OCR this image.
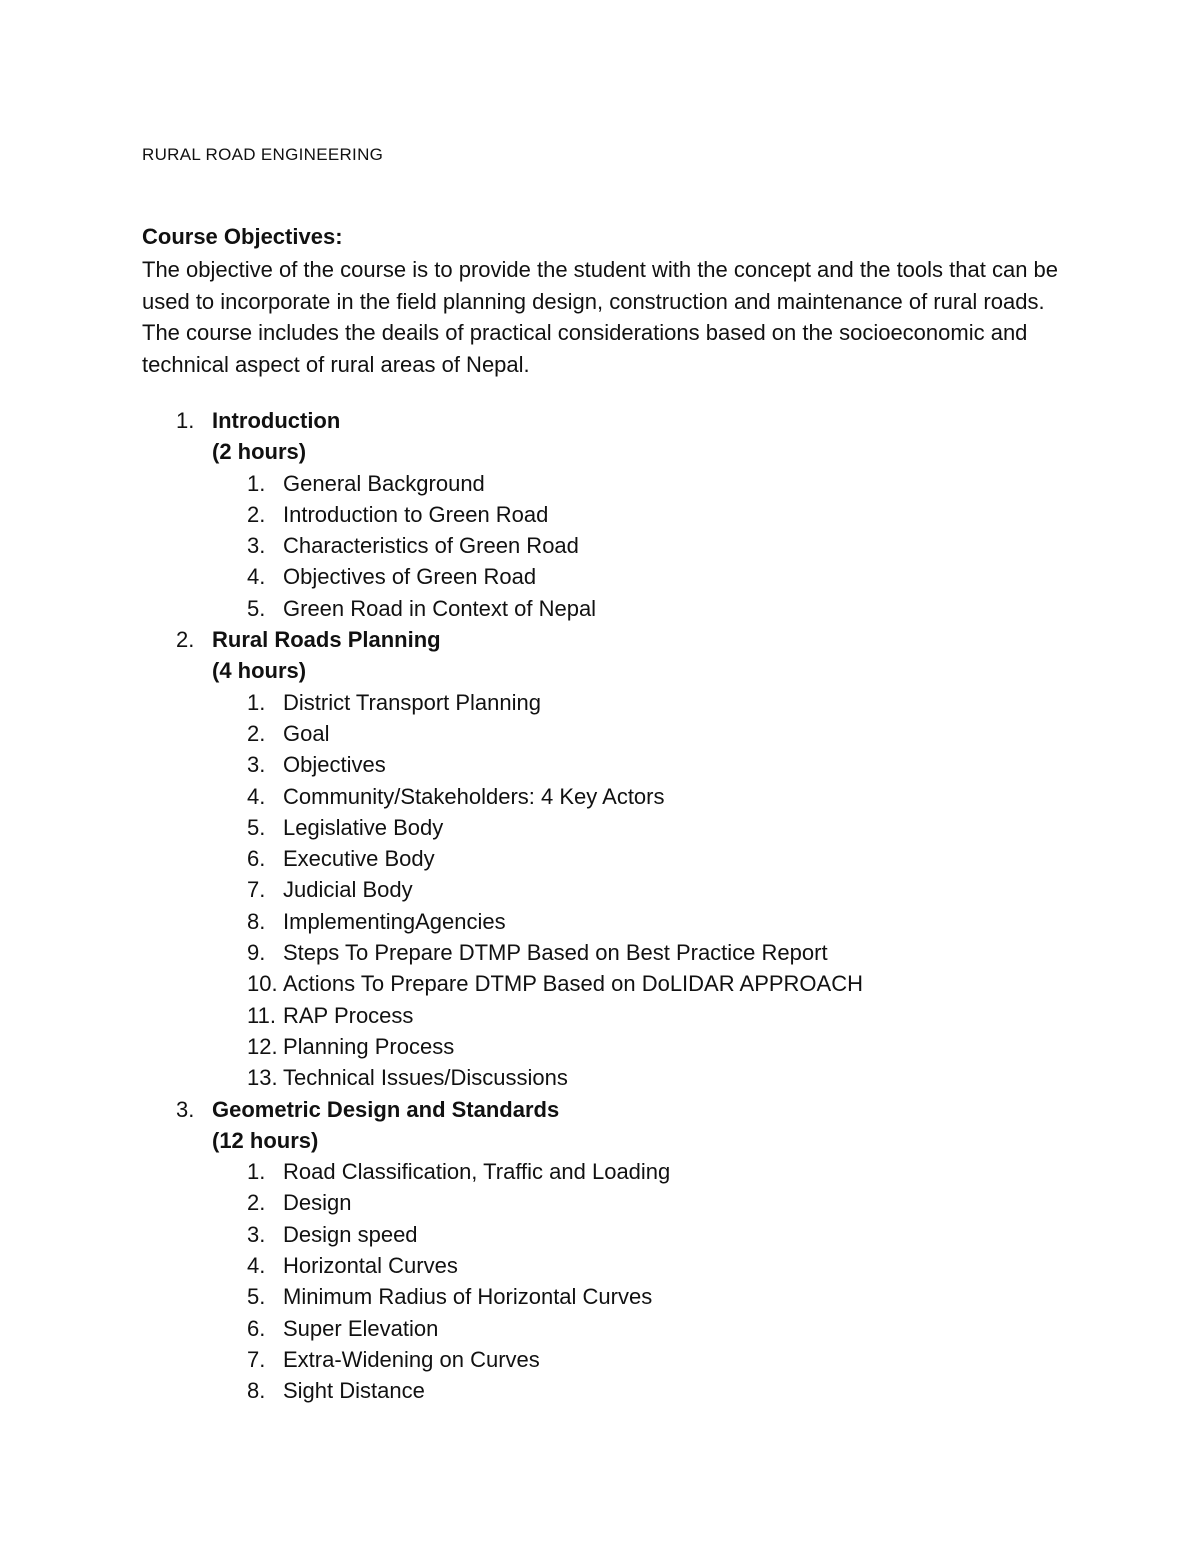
RURAL ROAD ENGINEERING
Course Objectives:
The objective of the course is to provide the student with the concept and the tools that can be used to incorporate in the field planning design, construction and maintenance of rural roads. The course includes the deails of practical considerations based on the socioeconomic and technical aspect of rural areas of Nepal.
1. Introduction
(2 hours)
1. General Background
2. Introduction to Green Road
3. Characteristics of Green Road
4. Objectives of Green Road
5. Green Road in Context of Nepal
2. Rural Roads Planning
(4 hours)
1. District Transport Planning
2. Goal
3. Objectives
4. Community/Stakeholders: 4 Key Actors
5. Legislative Body
6. Executive Body
7. Judicial Body
8. ImplementingAgencies
9. Steps To Prepare DTMP Based on Best Practice Report
10. Actions To Prepare DTMP Based on DoLIDAR APPROACH
11. RAP Process
12. Planning Process
13. Technical Issues/Discussions
3. Geometric Design and Standards
(12 hours)
1. Road Classification, Traffic and Loading
2. Design
3. Design speed
4. Horizontal Curves
5. Minimum Radius of Horizontal Curves
6. Super Elevation
7. Extra-Widening on Curves
8. Sight Distance
